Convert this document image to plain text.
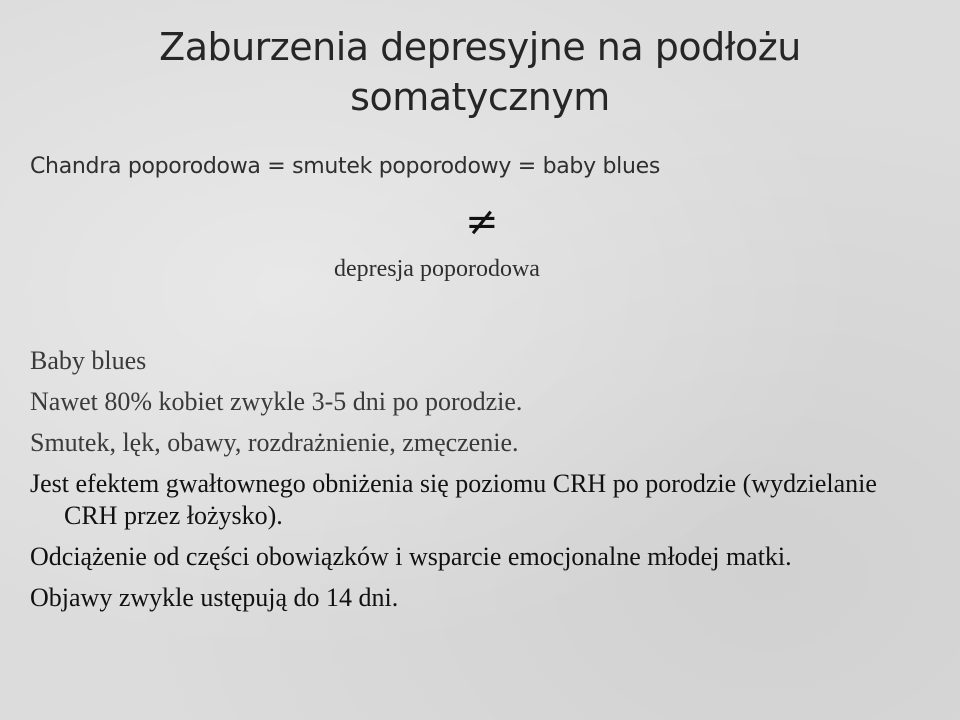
Zaburzenia depresyjne na podłożu
somatycznym
Chandra poporodowa = smutek poporodowy = baby blues
≠
depresja poporodowa
Baby blues
Nawet 80% kobiet zwykle 3-5 dni po porodzie.
Smutek, lęk, obawy, rozdrażnienie, zmęczenie.
Jest efektem gwałtownego obniżenia się poziomu CRH po porodzie (wydzielanie CRH przez łożysko).
Odciążenie od części obowiązków i wsparcie emocjonalne młodej matki.
Objawy zwykle ustępują do 14 dni.
